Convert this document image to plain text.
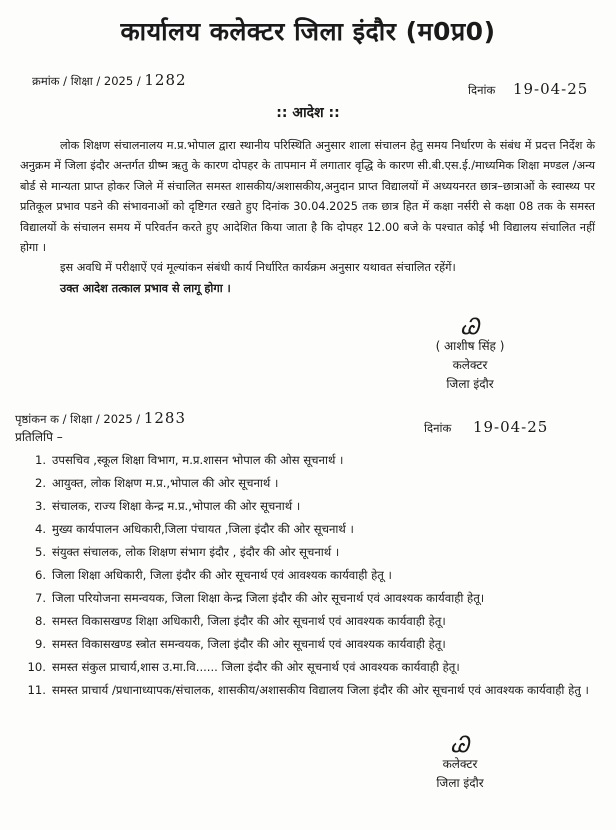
कार्यालय कलेक्टर जिला इंदौर (म0प्र0)
क्रमांक / शिक्षा / 2025 / 1282
दिनांक 19-04-25
:: आदेश ::

लोक शिक्षण संचालनालय म.प्र.भोपाल द्वारा स्थानीय परिस्थिति अनुसार शाला संचालन हेतु समय निर्धारण के संबंध में प्रदत्त निर्देश के अनुक्रम में जिला इंदौर अन्तर्गत ग्रीष्म ऋतु के कारण दोपहर के तापमान में लगातार वृद्धि के कारण सी.बी.एस.ई./माध्यमिक शिक्षा मण्डल /अन्य बोर्ड से मान्यता प्राप्त होकर जिले में संचालित समस्त शासकीय/अशासकीय,अनुदान प्राप्त विद्यालयों में अध्ययनरत छात्र–छात्राओं के स्वास्थ्य पर प्रतिकूल प्रभाव पडने की संभावनाओं को दृष्टिगत रखते हुए दिनांक 30.04.2025 तक छात्र हित में कक्षा नर्सरी से कक्षा 08 तक के समस्त विद्यालयों के संचालन समय में परिवर्तन करते हुए आदेशित किया जाता है कि दोपहर 12.00 बजे के पश्चात कोई भी विद्यालय संचालित नहीं होगा ।

इस अवधि में परीक्षाऐं एवं मूल्यांकन संबंधी कार्य निर्धारित कार्यक्रम अनुसार यथावत संचालित रहेंगें।

उक्त आदेश तत्काल प्रभाव से लागू होगा ।

Ꮚ
( आशीष सिंह )
कलेक्टर
जिला इंदौर
पृष्ठांकन क / शिक्षा / 2025 / 1283
दिनांक 19-04-25
प्रतिलिपि –
1. उपसचिव ,स्कूल शिक्षा विभाग, म.प्र.शासन भोपाल की ओस सूचनार्थ ।
2. आयुक्त, लोक शिक्षण म.प्र.,भोपाल की ओर सूचनार्थ ।
3. संचालक, राज्य शिक्षा केन्द्र म.प्र.,भोपाल की ओर सूचनार्थ ।
4. मुख्य कार्यपालन अधिकारी,जिला पंचायत ,जिला इंदौर की ओर सूचनार्थ ।
5. संयुक्त संचालक, लोक शिक्षण संभाग इंदौर , इंदौर की ओर सूचनार्थ ।
6. जिला शिक्षा अधिकारी, जिला इंदौर की ओर सूचनार्थ एवं आवश्यक कार्यवाही हेतू ।
7. जिला परियोजना समन्वयक, जिला शिक्षा केन्द्र जिला इंदौर की ओर सूचनार्थ एवं आवश्यक कार्यवाही हेतू।
8. समस्त विकासखण्ड शिक्षा अधिकारी, जिला इंदौर की ओर सूचनार्थ एवं आवश्यक कार्यवाही हेतू।
9. समस्त विकासखण्ड स्त्रोत समन्वयक, जिला इंदौर की ओर सूचनार्थ एवं आवश्यक कार्यवाही हेतू।
10. समस्त संकुल प्राचार्य,शास उ.मा.वि...... जिला इंदौर की ओर सूचनार्थ एवं आवश्यक कार्यवाही हेतू।
11. समस्त प्राचार्य /प्रधानाध्यापक/संचालक, शासकीय/अशासकीय विद्यालय जिला इंदौर की ओर सूचनार्थ एवं आवश्यक कार्यवाही हेतु ।
Ꮚ
कलेक्टर
जिला इंदौर
